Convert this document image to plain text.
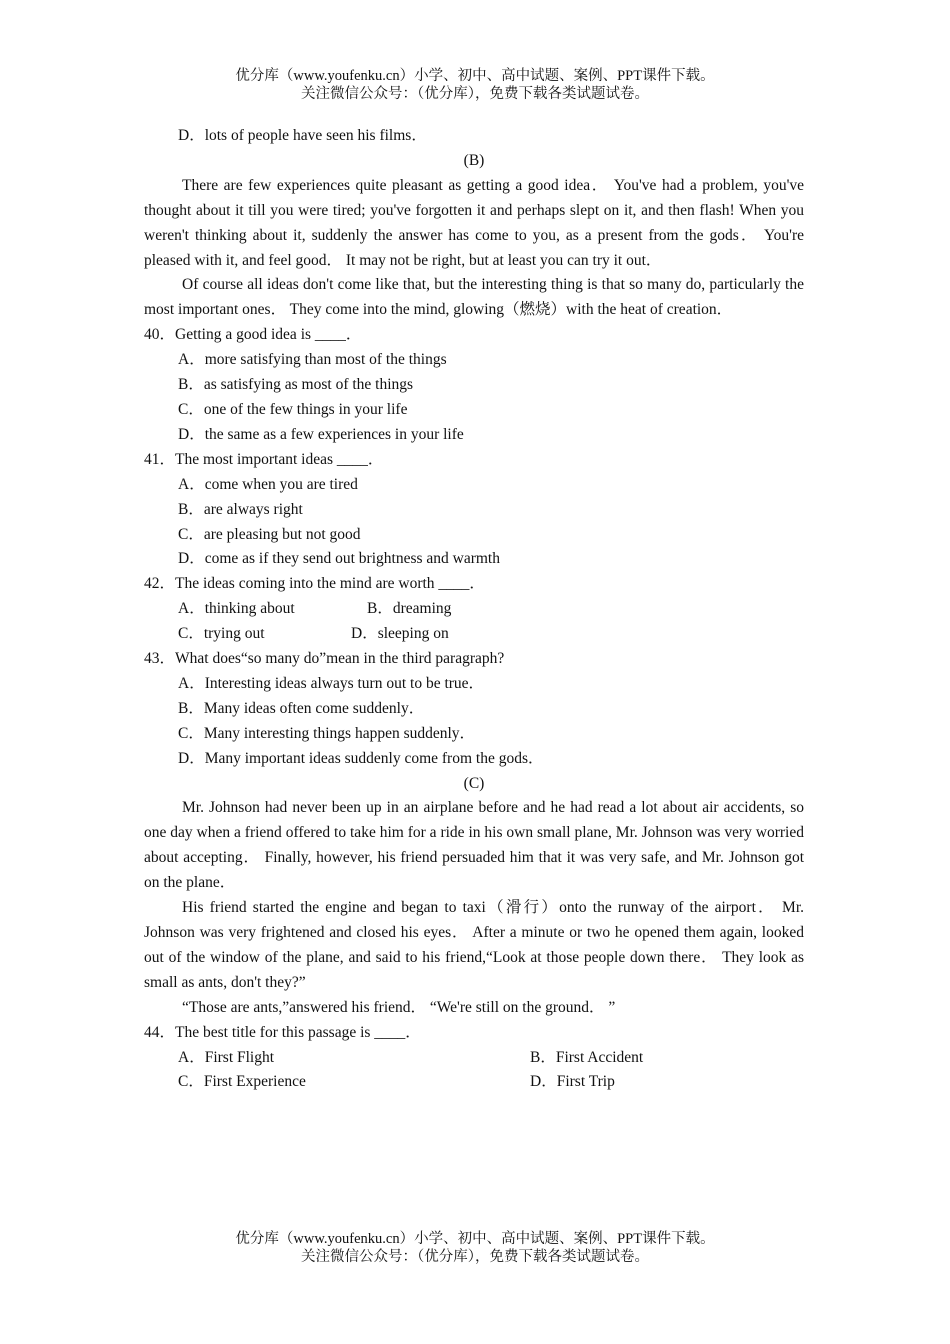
优分库（www.youfenku.cn）小学、初中、高中试题、案例、PPT课件下载。
关注微信公众号：（优分库），免费下载各类试题试卷。
D．lots of people have seen his films．
(B)
There are few experiences quite pleasant as getting a good idea． You've had a problem, you've thought about it till you were tired; you've forgotten it and perhaps slept on it, and then flash! When you weren't thinking about it, suddenly the answer has come to you, as a present from the gods． You're pleased with it, and feel good． It may not be right, but at least you can try it out．
Of course all ideas don't come like that, but the interesting thing is that so many do, particularly the most important ones． They come into the mind, glowing（燃烧）with the heat of creation．
40．Getting a good idea is ____．
A．more satisfying than most of the things
B．as satisfying as most of the things
C．one of the few things in your life
D．the same as a few experiences in your life
41．The most important ideas ____．
A．come when you are tired
B．are always right
C．are pleasing but not good
D．come as if they send out brightness and warmth
42．The ideas coming into the mind are worth ____．
A．thinking about	B．dreaming
C．trying out	D．sleeping on
43．What does“so many do”mean in the third paragraph?
A．Interesting ideas always turn out to be true．
B．Many ideas often come suddenly．
C．Many interesting things happen suddenly．
D．Many important ideas suddenly come from the gods．
(C)
Mr. Johnson had never been up in an airplane before and he had read a lot about air accidents, so one day when a friend offered to take him for a ride in his own small plane, Mr. Johnson was very worried about accepting． Finally, however, his friend persuaded him that it was very safe, and Mr. Johnson got on the plane．
His friend started the engine and began to taxi（滑行）onto the runway of the airport． Mr. Johnson was very frightened and closed his eyes． After a minute or two he opened them again, looked out of the window of the plane, and said to his friend,“Look at those people down there． They look as small as ants, don't they?”
“Those are ants,”answered his friend． “We're still on the ground． ”
44．The best title for this passage is ____．
A．First Flight	B．First Accident
C．First Experience	D．First Trip
优分库（www.youfenku.cn）小学、初中、高中试题、案例、PPT课件下载。
关注微信公众号：（优分库），免费下载各类试题试卷。
